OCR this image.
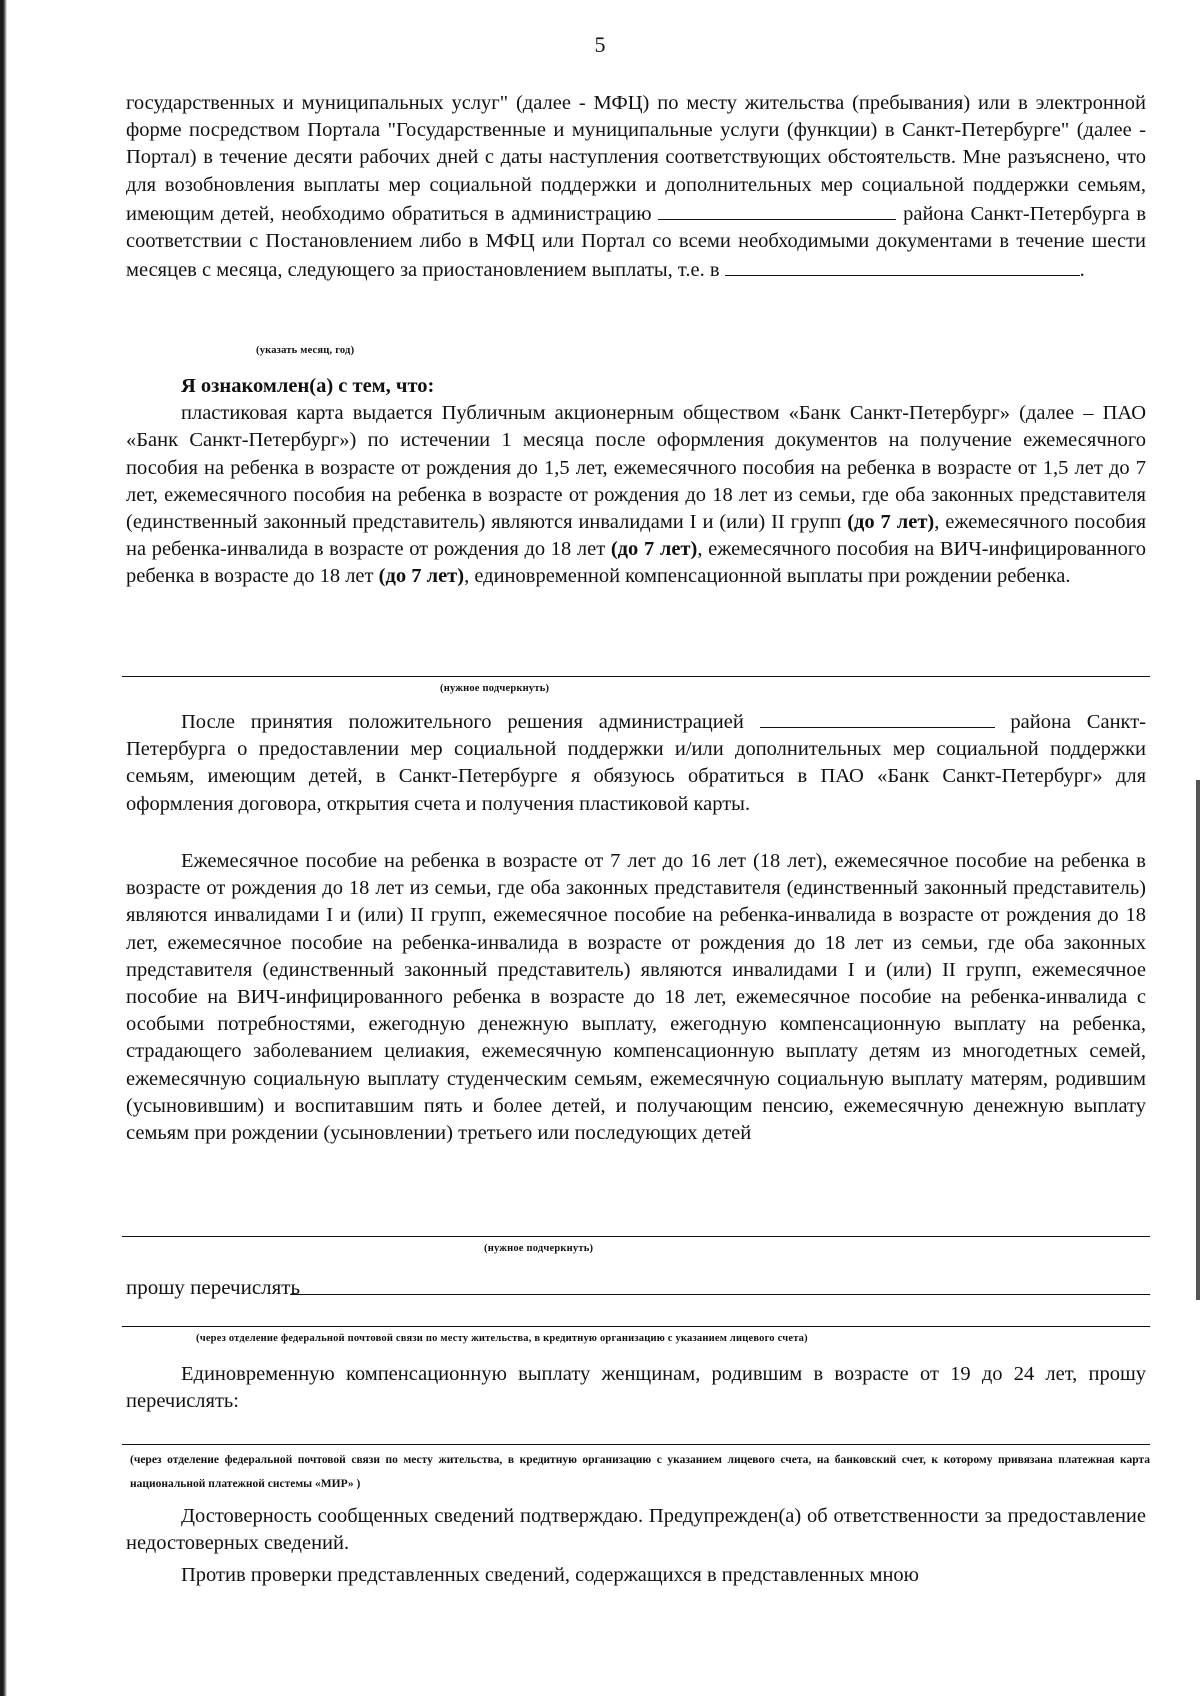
5

государственных и муниципальных услуг" (далее - МФЦ) по месту жительства (пребывания) или в электронной форме посредством Портала "Государственные и муниципальные услуги (функции) в Санкт-Петербурге" (далее - Портал) в течение десяти рабочих дней с даты наступления соответствующих обстоятельств. Мне разъяснено, что для возобновления выплаты мер социальной поддержки и дополнительных мер социальной поддержки семьям, имеющим детей, необходимо обратиться в администрацию	района Санкт-Петербурга в соответствии с Постановлением либо в МФЦ или Портал со всеми необходимыми документами в течение шести месяцев с месяца, следующего за приостановлением выплаты, т.е. в	.

(указать месяц, год)

Я ознакомлен(а) с тем, что:

пластиковая карта выдается Публичным акционерным обществом «Банк Санкт-Петербург» (далее – ПАО «Банк Санкт-Петербург») по истечении 1 месяца после оформления документов на получение ежемесячного пособия на ребенка в возрасте от рождения до 1,5 лет, ежемесячного пособия на ребенка в возрасте от 1,5 лет до 7 лет, ежемесячного пособия на ребенка в возрасте от рождения до 18 лет из семьи, где оба законных представителя (единственный законный представитель) являются инвалидами I и (или) II групп (до 7 лет), ежемесячного пособия на ребенка-инвалида в возрасте от рождения до 18 лет (до 7 лет), ежемесячного пособия на ВИЧ-инфицированного ребенка в возрасте до 18 лет (до 7 лет), единовременной компенсационной выплаты при рождении ребенка.

(нужное подчеркнуть)

После принятия положительного решения администрацией	района Санкт-Петербурга о предоставлении мер социальной поддержки и/или дополнительных мер социальной поддержки семьям, имеющим детей, в Санкт-Петербурге я обязуюсь обратиться в ПАО «Банк Санкт-Петербург» для оформления договора, открытия счета и получения пластиковой карты.

Ежемесячное пособие на ребенка в возрасте от 7 лет до 16 лет (18 лет), ежемесячное пособие на ребенка в возрасте от рождения до 18 лет из семьи, где оба законных представителя (единственный законный представитель) являются инвалидами I и (или) II групп, ежемесячное пособие на ребенка-инвалида в возрасте от рождения до 18 лет, ежемесячное пособие на ребенка-инвалида в возрасте от рождения до 18 лет из семьи, где оба законных представителя (единственный законный представитель) являются инвалидами I и (или) II групп, ежемесячное пособие на ВИЧ-инфицированного ребенка в возрасте до 18 лет, ежемесячное пособие на ребенка-инвалида с особыми потребностями, ежегодную денежную выплату, ежегодную компенсационную выплату на ребенка, страдающего заболеванием целиакия, ежемесячную компенсационную выплату детям из многодетных семей, ежемесячную социальную выплату студенческим семьям, ежемесячную социальную выплату матерям, родившим (усыновившим) и воспитавшим пять и более детей, и получающим пенсию, ежемесячную денежную выплату семьям при рождении (усыновлении) третьего или последующих детей

(нужное подчеркнуть)
прошу перечислять
(через отделение федеральной почтовой связи по месту жительства, в кредитную организацию с указанием лицевого счета)

Единовременную компенсационную выплату женщинам, родившим в возрасте от 19 до 24 лет, прошу перечислять:

(через отделение федеральной почтовой связи по месту жительства, в кредитную организацию с указанием лицевого счета, на банковский счет, к которому привязана платежная карта национальной платежной системы «МИР» )

Достоверность сообщенных сведений подтверждаю. Предупрежден(а) об ответственности за предоставление недостоверных сведений.

Против проверки представленных сведений, содержащихся в представленных мною
